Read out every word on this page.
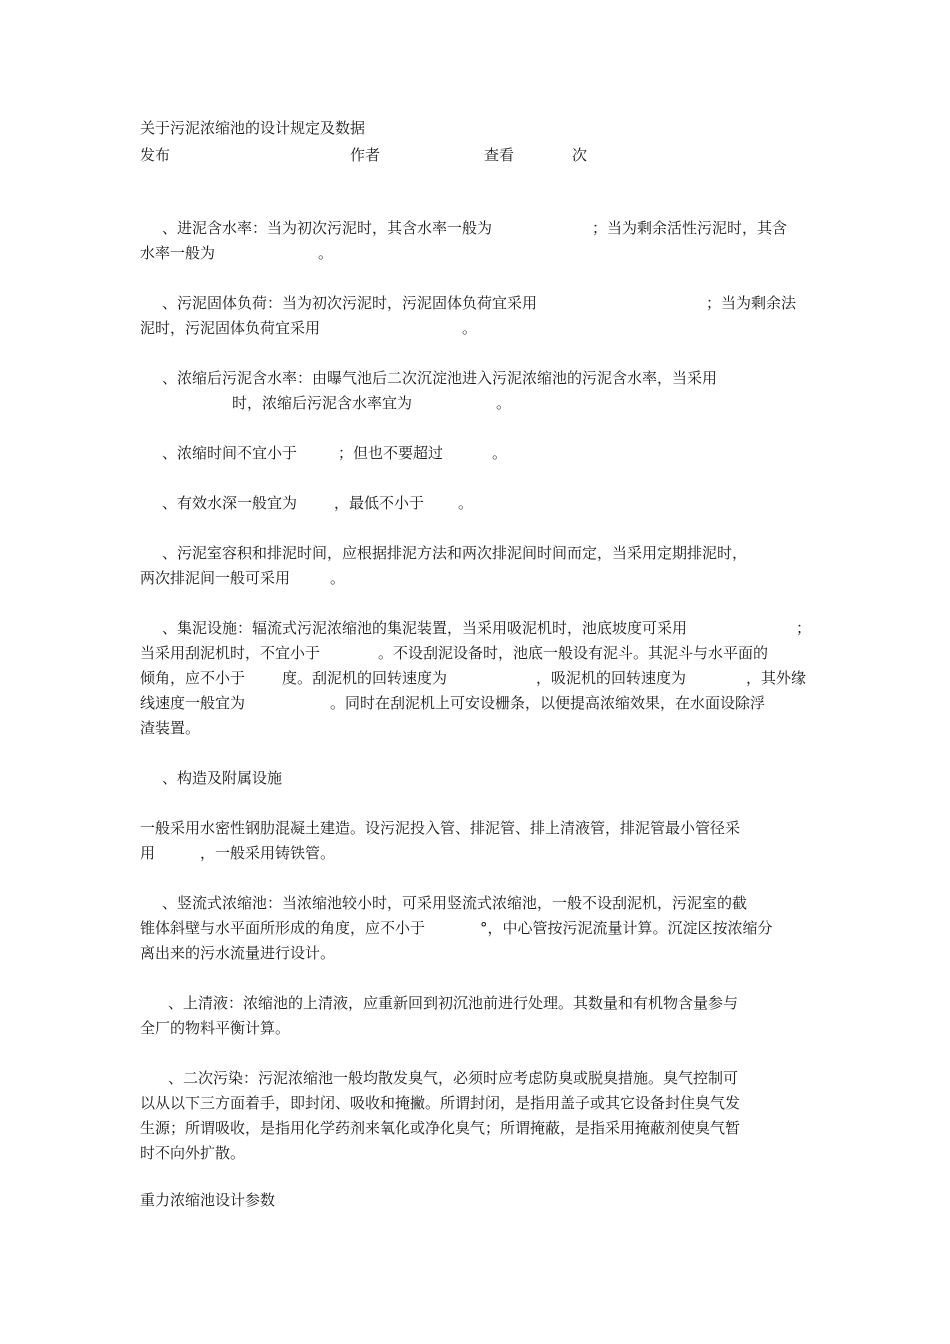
关于污泥浓缩池的设计规定及数据
发布	作者	查看	次
、进泥含水率：当为初次污泥时，其含水率一般为	；当为剩余活性污泥时，其含
水率一般为	。
、污泥固体负荷：当为初次污泥时，污泥固体负荷宜采用	；当为剩余法
泥时，污泥固体负荷宜采用	。
、浓缩后污泥含水率：由曝气池后二次沉淀池进入污泥浓缩池的污泥含水率，当采用
时，浓缩后污泥含水率宜为	。
、浓缩时间不宜小于	；但也不要超过	。
、有效水深一般宜为 ，最低不小于 。
、污泥室容积和排泥时间，应根据排泥方法和两次排泥间时间而定，当采用定期排泥时，
两次排泥间一般可采用	。
、集泥设施：辐流式污泥浓缩池的集泥装置，当采用吸泥机时，池底坡度可采用	；
当采用刮泥机时，不宜小于	。不设刮泥设备时，池底一般设有泥斗。其泥斗与水平面的
倾角，应不小于 度。刮泥机的回转速度为	，吸泥机的回转速度为	，其外缘
线速度一般宜为	。同时在刮泥机上可安设栅条，以便提高浓缩效果，在水面设除浮
渣装置。
、构造及附属设施
一般采用水密性钢肋混凝土建造。设污泥投入管、排泥管、排上清液管，排泥管最小管径采
用	，一般采用铸铁管。
、竖流式浓缩池：当浓缩池较小时，可采用竖流式浓缩池，一般不设刮泥机，污泥室的截
锥体斜壁与水平面所形成的角度，应不小于	°，中心管按污泥流量计算。沉淀区按浓缩分
离出来的污水流量进行设计。
、上清液：浓缩池的上清液，应重新回到初沉池前进行处理。其数量和有机物含量参与
全厂的物料平衡计算。
、二次污染：污泥浓缩池一般均散发臭气，必须时应考虑防臭或脱臭措施。臭气控制可
以从以下三方面着手，即封闭、吸收和掩撇。所谓封闭，是指用盖子或其它设备封住臭气发
生源；所谓吸收，是指用化学药剂来氧化或净化臭气；所谓掩蔽，是指采用掩蔽剂使臭气暂
时不向外扩散。
重力浓缩池设计参数
